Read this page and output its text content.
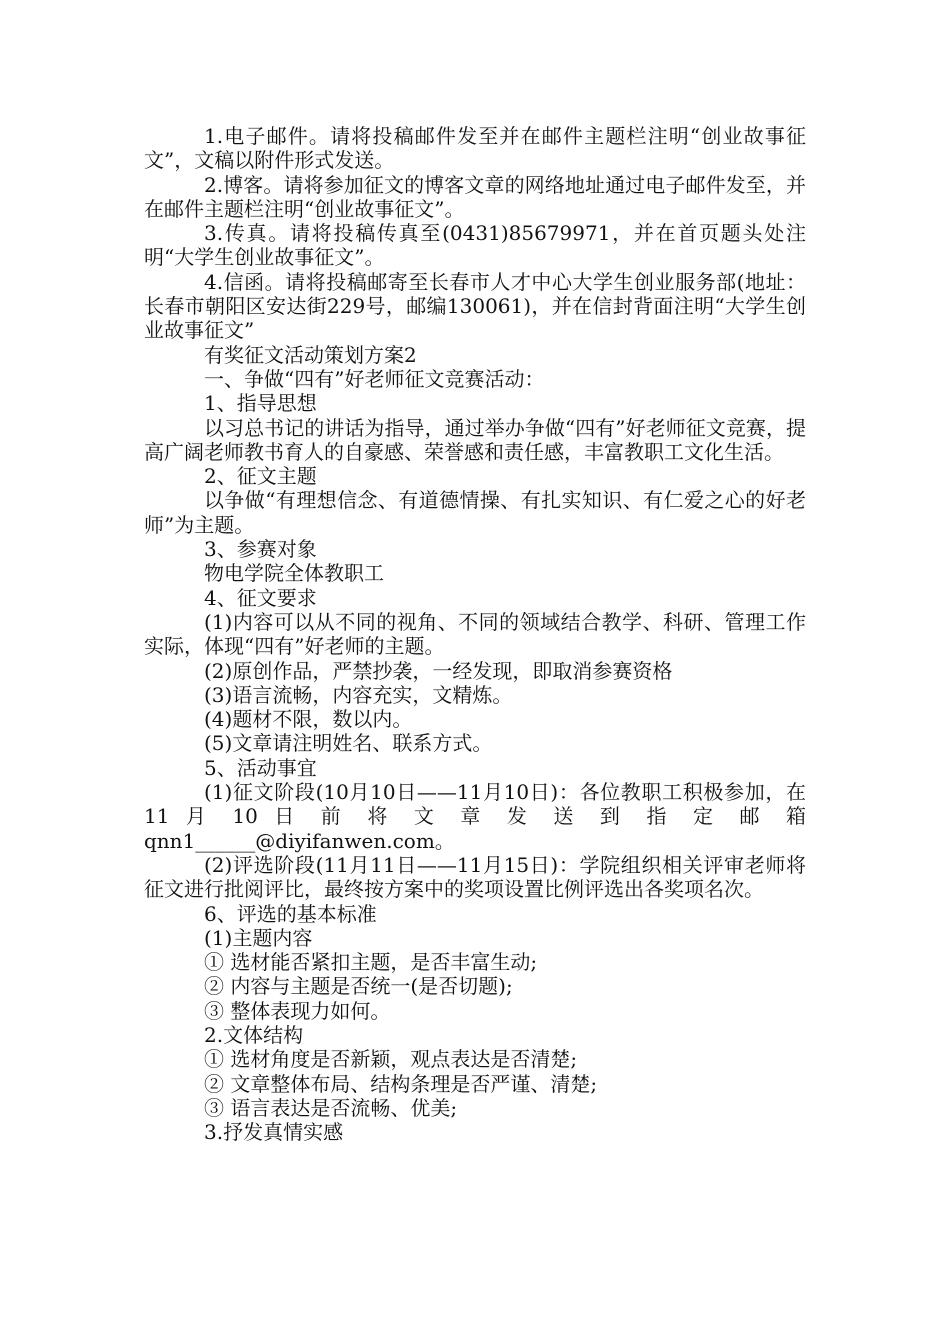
1.电子邮件。请将投稿邮件发至并在邮件主题栏注明“创业故事征文”，文稿以附件形式发送。

2.博客。请将参加征文的博客文章的网络地址通过电子邮件发至，并在邮件主题栏注明“创业故事征文”。

3.传真。请将投稿传真至(0431)85679971，并在首页题头处注明“大学生创业故事征文”。

4.信函。请将投稿邮寄至长春市人才中心大学生创业服务部(地址：长春市朝阳区安达街229号，邮编130061)，并在信封背面注明“大学生创业故事征文”

有奖征文活动策划方案2

一、争做“四有”好老师征文竞赛活动：

1、指导思想

以习总书记的讲话为指导，通过举办争做“四有”好老师征文竞赛，提高广阔老师教书育人的自豪感、荣誉感和责任感，丰富教职工文化生活。

2、征文主题

以争做“有理想信念、有道德情操、有扎实知识、有仁爱之心的好老师”为主题。

3、参赛对象

物电学院全体教职工

4、征文要求

(1)内容可以从不同的视角、不同的领域结合教学、科研、管理工作实际，体现“四有”好老师的主题。

(2)原创作品，严禁抄袭，一经发现，即取消参赛资格

(3)语言流畅，内容充实，文精炼。

(4)题材不限，数以内。

(5)文章请注明姓名、联系方式。

5、活动事宜

(1)征文阶段(10月10日——11月10日)：各位教职工积极参加，在 11 月 10 日 前 将 文 章 发 送 到 指 定 邮 箱

qnn1______@diyifanwen.com。

(2)评选阶段(11月11日——11月15日)：学院组织相关评审老师将征文进行批阅评比，最终按方案中的奖项设置比例评选出各奖项名次。

6、评选的基本标准

(1)主题内容

① 选材能否紧扣主题，是否丰富生动;

② 内容与主题是否统一(是否切题);

③ 整体表现力如何。

2.文体结构

① 选材角度是否新颖，观点表达是否清楚;

② 文章整体布局、结构条理是否严谨、清楚;

③ 语言表达是否流畅、优美;

3.抒发真情实感
